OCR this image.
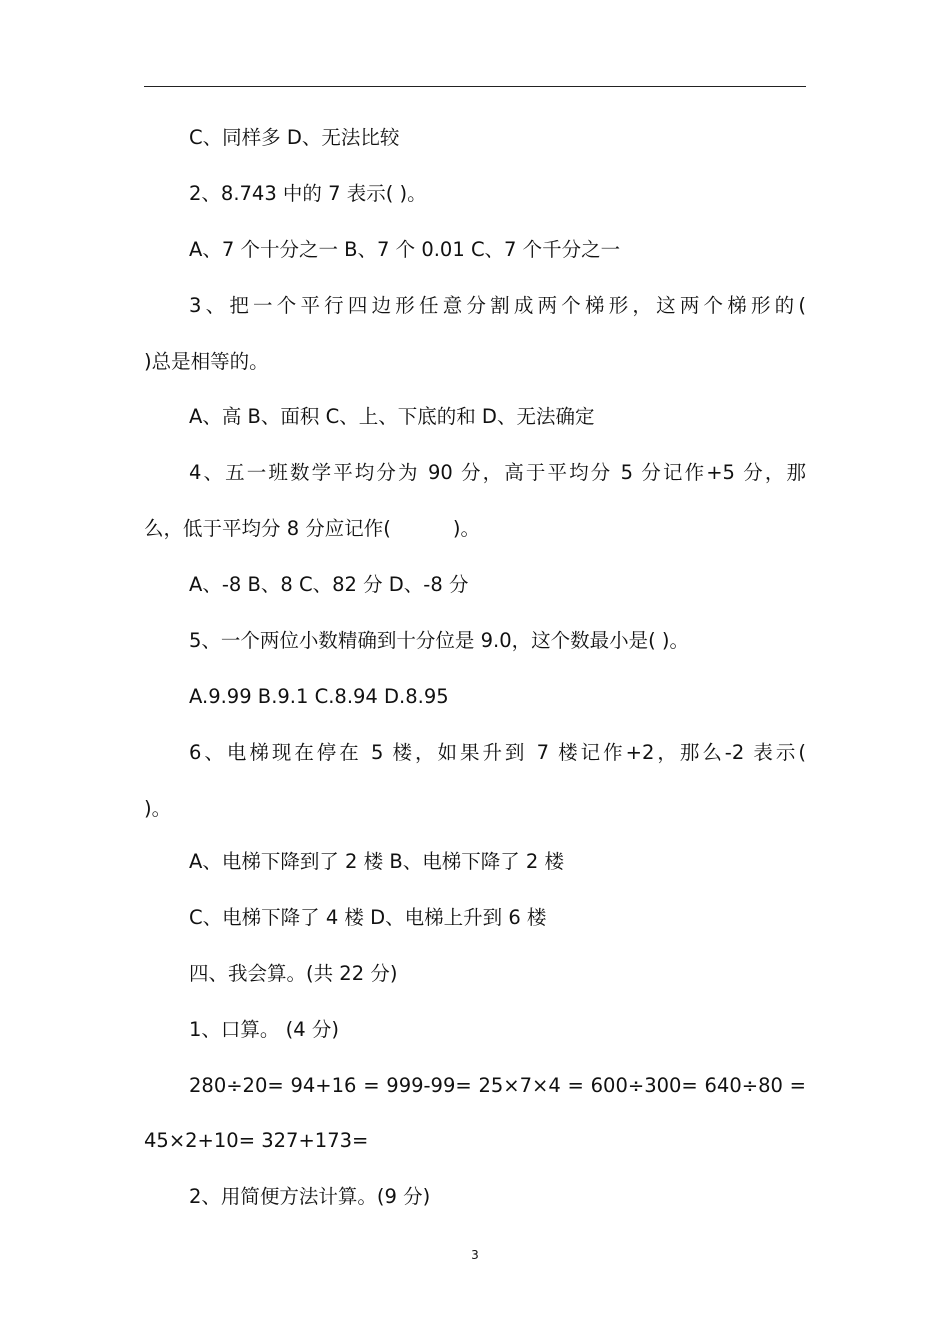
C、同样多 D、无法比较
2、8.743 中的 7 表示( )。
A、7 个十分之一 B、7 个 0.01 C、7 个千分之一
3、把一个平行四边形任意分割成两个梯形，这两个梯形的(
)总是相等的。
A、高 B、面积 C、上、下底的和 D、无法确定
4、五一班数学平均分为 90 分，高于平均分 5 分记作+5 分，那
么，低于平均分 8 分应记作(          )。
A、-8 B、8 C、82 分 D、-8 分
5、一个两位小数精确到十分位是 9.0，这个数最小是( )。
A.9.99 B.9.1 C.8.94 D.8.95
6、电梯现在停在 5 楼，如果升到 7 楼记作+2，那么-2 表示(
)。
A、电梯下降到了 2 楼 B、电梯下降了 2 楼
C、电梯下降了 4 楼 D、电梯上升到 6 楼
四、我会算。(共 22 分)
1、口算。 (4 分)
280÷20= 94+16 = 999-99= 25×7×4 = 600÷300= 640÷80 =
45×2+10= 327+173=
2、用简便方法计算。(9 分)
3
